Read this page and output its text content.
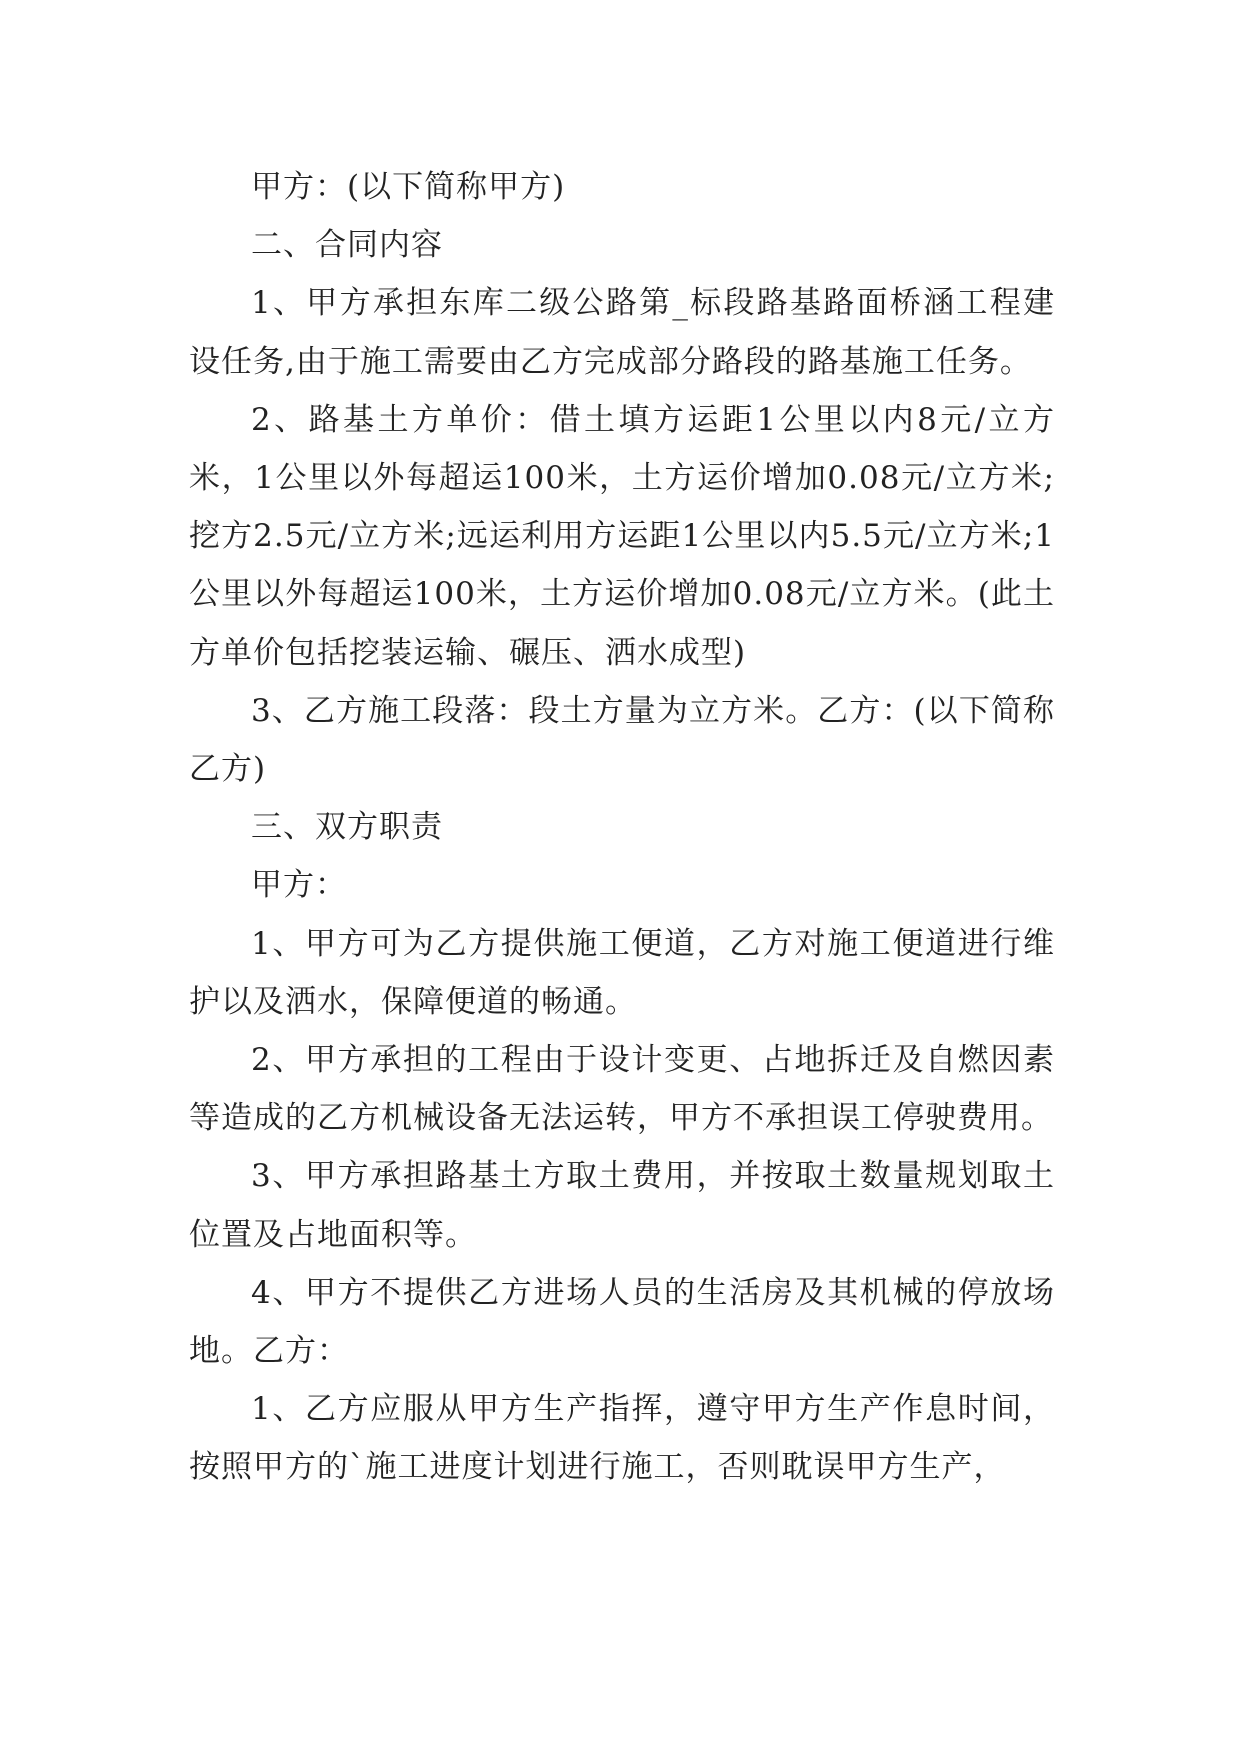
甲方：(以下简称甲方)

二、合同内容

1、甲方承担东库二级公路第_标段路基路面桥涵工程建设任务,由于施工需要由乙方完成部分路段的路基施工任务。

2、路基土方单价：借土填方运距1公里以内8元/立方米，1公里以外每超运100米，土方运价增加0.08元/立方米;挖方2.5元/立方米;远运利用方运距1公里以内5.5元/立方米;1公里以外每超运100米，土方运价增加0.08元/立方米。(此土方单价包括挖装运输、碾压、洒水成型)

3、乙方施工段落：段土方量为立方米。乙方：(以下简称乙方)

三、双方职责

甲方：

1、甲方可为乙方提供施工便道，乙方对施工便道进行维护以及洒水，保障便道的畅通。

2、甲方承担的工程由于设计变更、占地拆迁及自燃因素等造成的乙方机械设备无法运转，甲方不承担误工停驶费用。

3、甲方承担路基土方取土费用，并按取土数量规划取土位置及占地面积等。

4、甲方不提供乙方进场人员的生活房及其机械的停放场地。乙方：

1、乙方应服从甲方生产指挥，遵守甲方生产作息时间，按照甲方的`施工进度计划进行施工，否则耽误甲方生产，
